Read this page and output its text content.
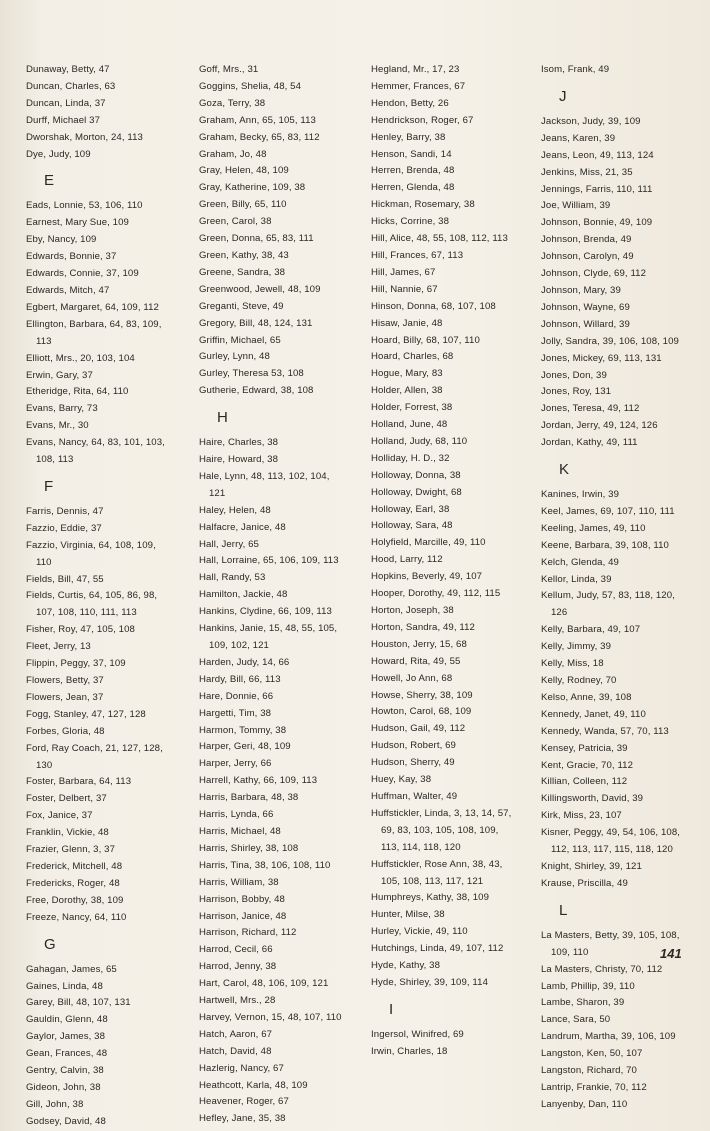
Dunaway, Betty, 47
Duncan, Charles, 63
Duncan, Linda, 37
Durff, Michael 37
Dworshak, Morton, 24, 113
Dye, Judy, 109
E
Eads, Lonnie, 53, 106, 110
Earnest, Mary Sue, 109
Eby, Nancy, 109
Edwards, Bonnie, 37
Edwards, Connie, 37, 109
Edwards, Mitch, 47
Egbert, Margaret, 64, 109, 112
Ellington, Barbara, 64, 83, 109,
113
Elliott, Mrs., 20, 103, 104
Erwin, Gary, 37
Etheridge, Rita, 64, 110
Evans, Barry, 73
Evans, Mr., 30
Evans, Nancy, 64, 83, 101, 103,
108, 113
F
Farris, Dennis, 47
Fazzio, Eddie, 37
Fazzio, Virginia, 64, 108, 109,
110
Fields, Bill, 47, 55
Fields, Curtis, 64, 105, 86, 98,
107, 108, 110, 111, 113
Fisher, Roy, 47, 105, 108
Fleet, Jerry, 13
Flippin, Peggy, 37, 109
Flowers, Betty, 37
Flowers, Jean, 37
Fogg, Stanley, 47, 127, 128
Forbes, Gloria, 48
Ford, Ray Coach, 21, 127, 128,
130
Foster, Barbara, 64, 113
Foster, Delbert, 37
Fox, Janice, 37
Franklin, Vickie, 48
Frazier, Glenn, 3, 37
Frederick, Mitchell, 48
Fredericks, Roger, 48
Free, Dorothy, 38, 109
Freeze, Nancy, 64, 110
G
Gahagan, James, 65
Gaines, Linda, 48
Garey, Bill, 48, 107, 131
Gauldin, Glenn, 48
Gaylor, James, 38
Gean, Frances, 48
Gentry, Calvin, 38
Gideon, John, 38
Gill, John, 38
Godsey, David, 48
Goff, Mrs., 31
Goggins, Shelia, 48, 54
Goza, Terry, 38
Graham, Ann, 65, 105, 113
Graham, Becky, 65, 83, 112
Graham, Jo, 48
Gray, Helen, 48, 109
Gray, Katherine, 109, 38
Green, Billy, 65, 110
Green, Carol, 38
Green, Donna, 65, 83, 111
Green, Kathy, 38, 43
Greene, Sandra, 38
Greenwood, Jewell, 48, 109
Greganti, Steve, 49
Gregory, Bill, 48, 124, 131
Griffin, Michael, 65
Gurley, Lynn, 48
Gurley, Theresa 53, 108
Gutherie, Edward, 38, 108
H
Haire, Charles, 38
Haire, Howard, 38
Hale, Lynn, 48, 113, 102, 104,
121
Haley, Helen, 48
Halfacre, Janice, 48
Hall, Jerry, 65
Hall, Lorraine, 65, 106, 109, 113
Hall, Randy, 53
Hamilton, Jackie, 48
Hankins, Clydine, 66, 109, 113
Hankins, Janie, 15, 48, 55, 105,
109, 102, 121
Harden, Judy, 14, 66
Hardy, Bill, 66, 113
Hare, Donnie, 66
Hargetti, Tim, 38
Harmon, Tommy, 38
Harper, Geri, 48, 109
Harper, Jerry, 66
Harrell, Kathy, 66, 109, 113
Harris, Barbara, 48, 38
Harris, Lynda, 66
Harris, Michael, 48
Harris, Shirley, 38, 108
Harris, Tina, 38, 106, 108, 110
Harris, William, 38
Harrison, Bobby, 48
Harrison, Janice, 48
Harrison, Richard, 112
Harrod, Cecil, 66
Harrod, Jenny, 38
Hart, Carol, 48, 106, 109, 121
Hartwell, Mrs., 28
Harvey, Vernon, 15, 48, 107, 110
Hatch, Aaron, 67
Hatch, David, 48
Hazlerig, Nancy, 67
Heathcott, Karla, 48, 109
Heavener, Roger, 67
Hefley, Jane, 35, 38
Hegland, Mr., 17, 23
Hemmer, Frances, 67
Hendon, Betty, 26
Hendrickson, Roger, 67
Henley, Barry, 38
Henson, Sandi, 14
Herren, Brenda, 48
Herren, Glenda, 48
Hickman, Rosemary, 38
Hicks, Corrine, 38
Hill, Alice, 48, 55, 108, 112, 113
Hill, Frances, 67, 113
Hill, James, 67
Hill, Nannie, 67
Hinson, Donna, 68, 107, 108
Hisaw, Janie, 48
Hoard, Billy, 68, 107, 110
Hoard, Charles, 68
Hogue, Mary, 83
Holder, Allen, 38
Holder, Forrest, 38
Holland, June, 48
Holland, Judy, 68, 110
Holliday, H. D., 32
Holloway, Donna, 38
Holloway, Dwight, 68
Holloway, Earl, 38
Holloway, Sara, 48
Holyfield, Marcille, 49, 110
Hood, Larry, 112
Hopkins, Beverly, 49, 107
Hooper, Dorothy, 49, 112, 115
Horton, Joseph, 38
Horton, Sandra, 49, 112
Houston, Jerry, 15, 68
Howard, Rita, 49, 55
Howell, Jo Ann, 68
Howse, Sherry, 38, 109
Howton, Carol, 68, 109
Hudson, Gail, 49, 112
Hudson, Robert, 69
Hudson, Sherry, 49
Huey, Kay, 38
Huffman, Walter, 49
Huffstickler, Linda, 3, 13, 14, 57,
69, 83, 103, 105, 108, 109,
113, 114, 118, 120
Huffstickler, Rose Ann, 38, 43,
105, 108, 113, 117, 121
Humphreys, Kathy, 38, 109
Hunter, Milse, 38
Hurley, Vickie, 49, 110
Hutchings, Linda, 49, 107, 112
Hyde, Kathy, 38
Hyde, Shirley, 39, 109, 114
I
Ingersol, Winifred, 69
Irwin, Charles, 18
Isom, Frank, 49
J
Jackson, Judy, 39, 109
Jeans, Karen, 39
Jeans, Leon, 49, 113, 124
Jenkins, Miss, 21, 35
Jennings, Farris, 110, 111
Joe, William, 39
Johnson, Bonnie, 49, 109
Johnson, Brenda, 49
Johnson, Carolyn, 49
Johnson, Clyde, 69, 112
Johnson, Mary, 39
Johnson, Wayne, 69
Johnson, Willard, 39
Jolly, Sandra, 39, 106, 108, 109
Jones, Mickey, 69, 113, 131
Jones, Don, 39
Jones, Roy, 131
Jones, Teresa, 49, 112
Jordan, Jerry, 49, 124, 126
Jordan, Kathy, 49, 111
K
Kanines, Irwin, 39
Keel, James, 69, 107, 110, 111
Keeling, James, 49, 110
Keene, Barbara, 39, 108, 110
Kelch, Glenda, 49
Kellor, Linda, 39
Kellum, Judy, 57, 83, 118, 120,
126
Kelly, Barbara, 49, 107
Kelly, Jimmy, 39
Kelly, Miss, 18
Kelly, Rodney, 70
Kelso, Anne, 39, 108
Kennedy, Janet, 49, 110
Kennedy, Wanda, 57, 70, 113
Kensey, Patricia, 39
Kent, Gracie, 70, 112
Killian, Colleen, 112
Killingsworth, David, 39
Kirk, Miss, 23, 107
Kisner, Peggy, 49, 54, 106, 108,
112, 113, 117, 115, 118, 120
Knight, Shirley, 39, 121
Krause, Priscilla, 49
L
La Masters, Betty, 39, 105, 108,
109, 110
La Masters, Christy, 70, 112
Lamb, Phillip, 39, 110
Lambe, Sharon, 39
Lance, Sara, 50
Landrum, Martha, 39, 106, 109
Langston, Ken, 50, 107
Langston, Richard, 70
Lantrip, Frankie, 70, 112
Lanyenby, Dan, 110
141
